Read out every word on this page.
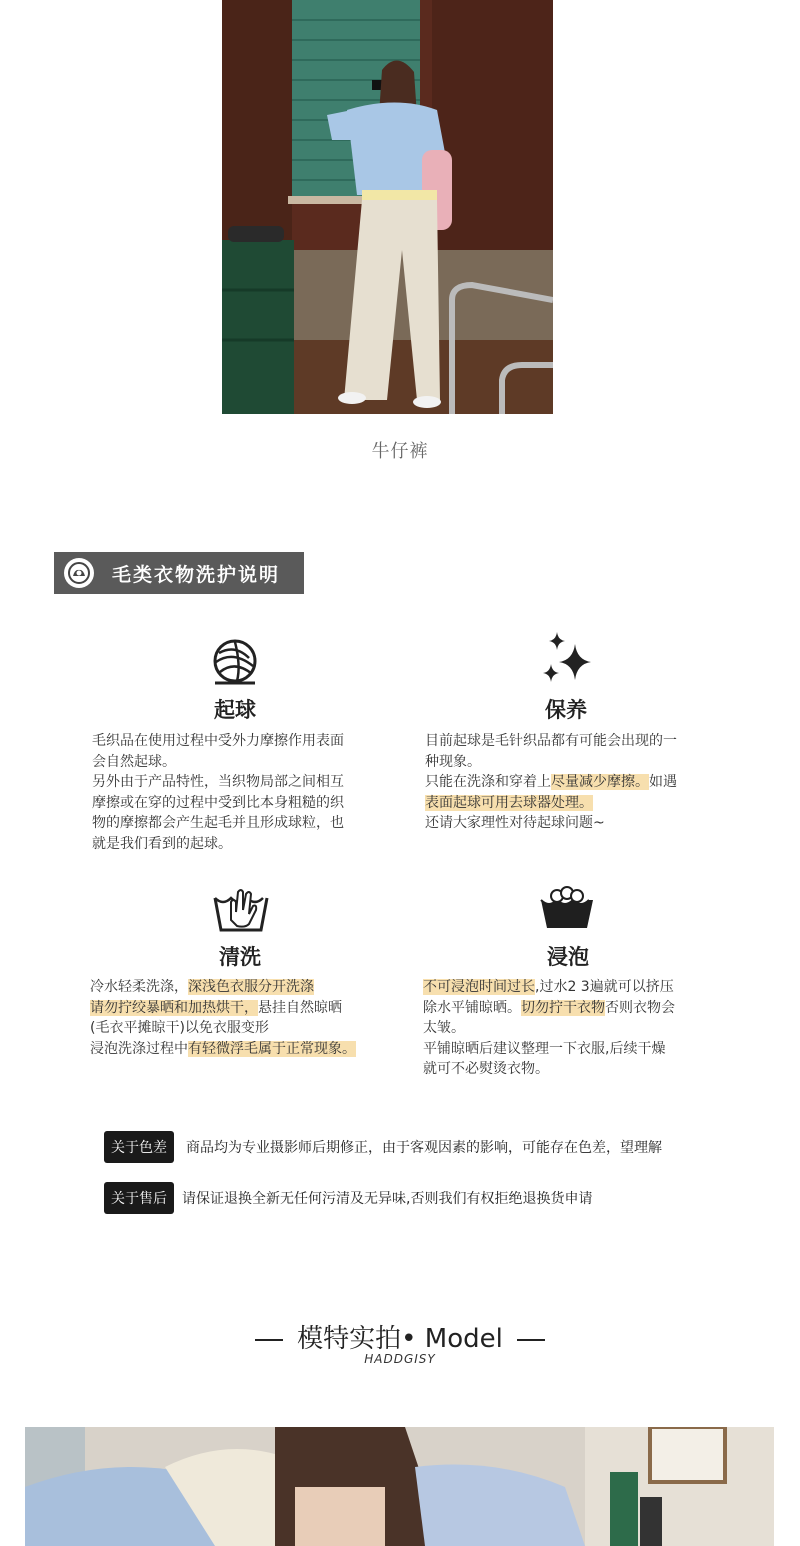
牛仔裤
毛类衣物洗护说明
起球

毛织品在使用过程中受外力摩擦作用表面

会自然起球。

另外由于产品特性，当织物局部之间相互

摩擦或在穿的过程中受到比本身粗糙的织

物的摩擦都会产生起毛并且形成球粒，也

就是我们看到的起球。

保养

目前起球是毛针织品都有可能会出现的一

种现象。

只能在洗涤和穿着上尽量减少摩擦。如遇

表面起球可用去球器处理。

还请大家理性对待起球问题~

清洗

冷水轻柔洗涤，深浅色衣服分开洗涤

请勿拧绞暴晒和加热烘干，悬挂自然晾晒

(毛衣平摊晾干)以免衣服变形

浸泡洗涤过程中有轻微浮毛属于正常现象。

浸泡

不可浸泡时间过长,过水2 3遍就可以挤压

除水平铺晾晒。切勿拧干衣物否则衣物会

太皱。

平铺晾晒后建议整理一下衣服,后续干燥

就可不必熨烫衣物。

关于色差	商品均为专业摄影师后期修正，由于客观因素的影响，可能存在色差，望理解
关于售后	请保证退换全新无任何污清及无异味,否则我们有权拒绝退换货申请
模特实拍• Model
HADDGISY
